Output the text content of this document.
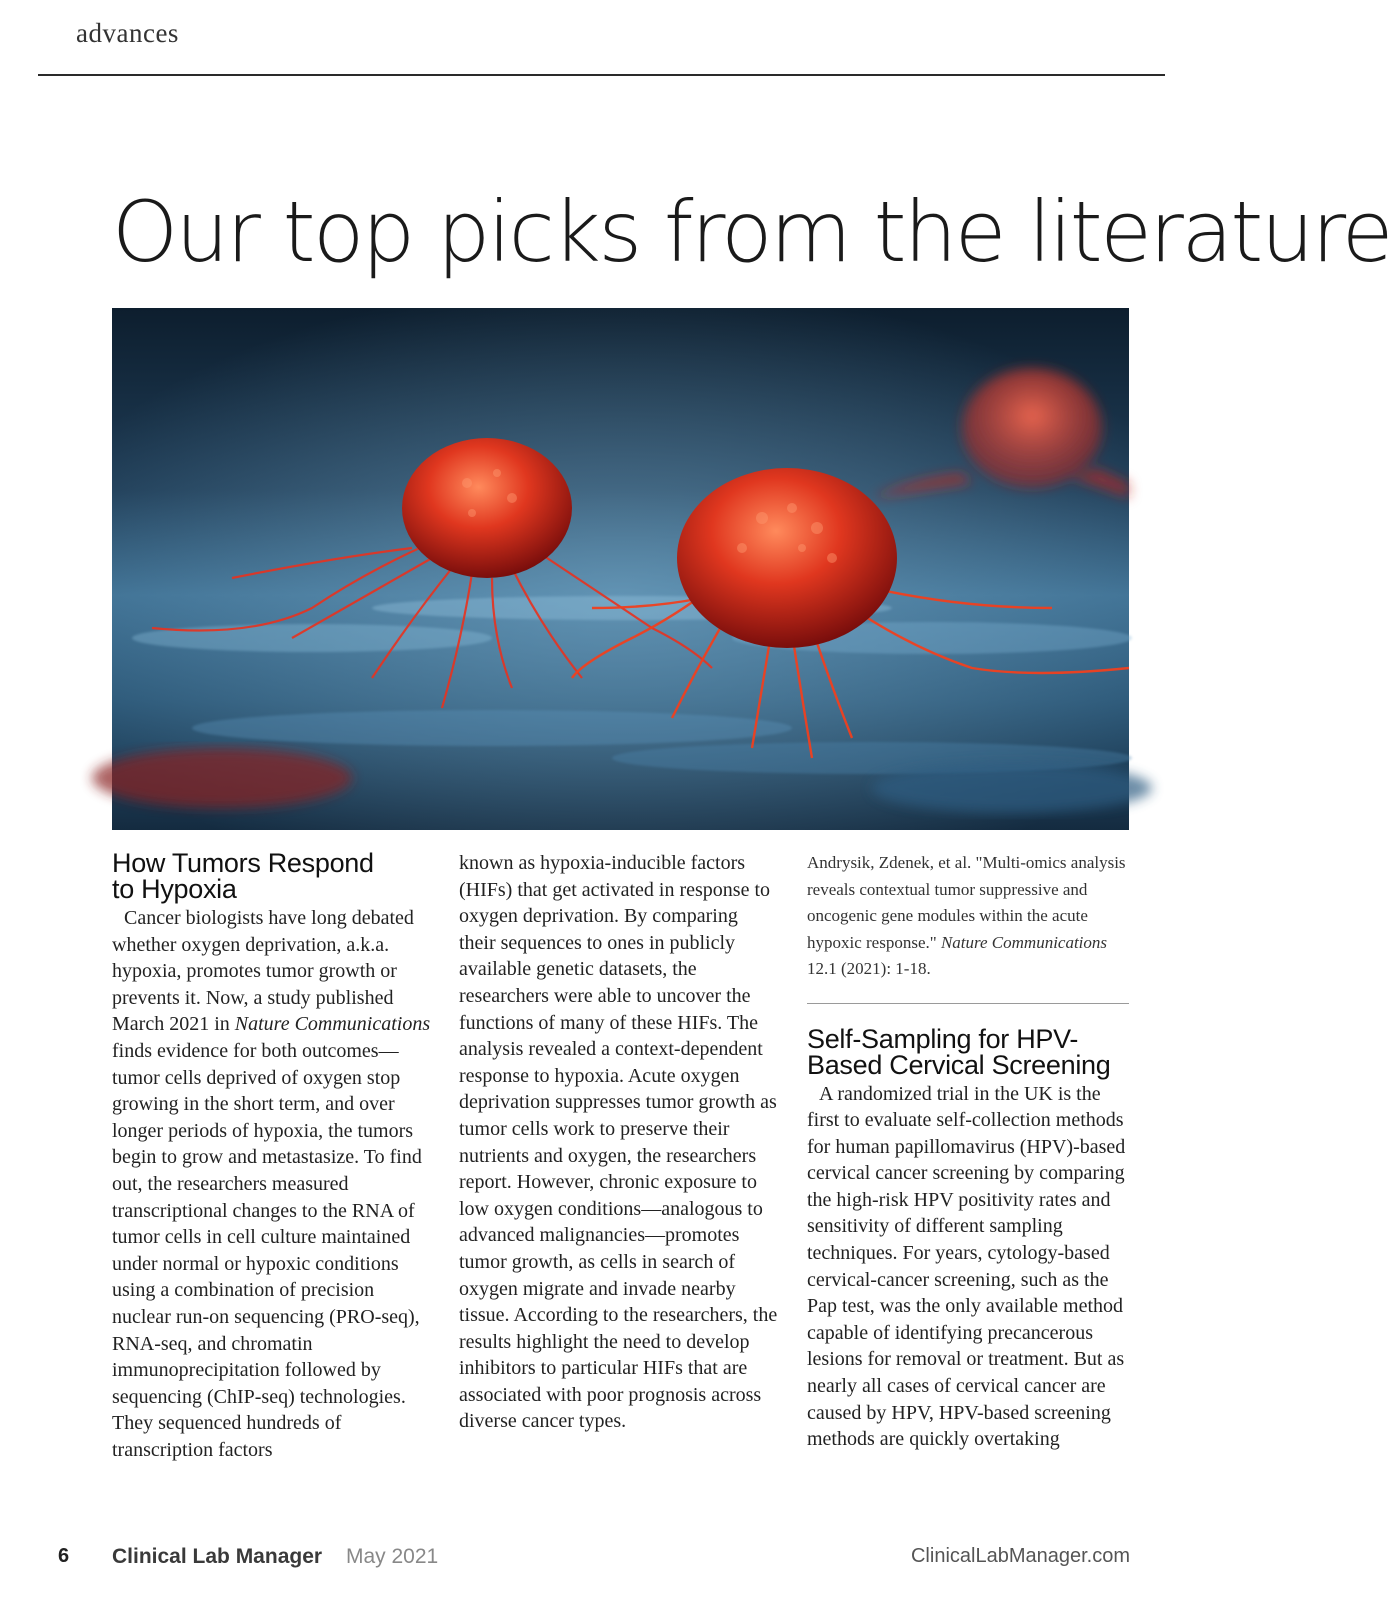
advances
Our top picks from the literature
How Tumors Respond
to Hypoxia

Cancer biologists have long debated whether oxygen deprivation, a.k.a. hypoxia, promotes tumor growth or prevents it. Now, a study published March 2021 in Nature Communications finds evidence for both outcomes—tumor cells deprived of oxygen stop growing in the short term, and over longer periods of hypoxia, the tumors begin to grow and metastasize. To find out, the researchers measured transcriptional changes to the RNA of tumor cells in cell culture maintained under normal or hypoxic conditions using a combination of precision nuclear run-on sequencing (PRO-seq), RNA-seq, and chromatin immunoprecipitation followed by sequencing (ChIP-seq) technologies. They sequenced hundreds of transcription factors

known as hypoxia-inducible factors (HIFs) that get activated in response to oxygen deprivation. By comparing their sequences to ones in publicly available genetic datasets, the researchers were able to uncover the functions of many of these HIFs. The analysis revealed a context-dependent response to hypoxia. Acute oxygen deprivation suppresses tumor growth as tumor cells work to preserve their nutrients and oxygen, the researchers report. However, chronic exposure to low oxygen conditions—analogous to advanced malignancies—promotes tumor growth, as cells in search of oxygen migrate and invade nearby tissue. According to the researchers, the results highlight the need to develop inhibitors to particular HIFs that are associated with poor prognosis across diverse cancer types.

Andrysik, Zdenek, et al. "Multi-omics analysis reveals contextual tumor suppressive and oncogenic gene modules within the acute hypoxic response." Nature Communications 12.1 (2021): 1-18.

Self-Sampling for HPV-
Based Cervical Screening

A randomized trial in the UK is the first to evaluate self-collection methods for human papillomavirus (HPV)-based cervical cancer screening by comparing the high-risk HPV positivity rates and sensitivity of different sampling techniques. For years, cytology-based cervical-cancer screening, such as the Pap test, was the only available method capable of identifying precancerous lesions for removal or treatment. But as nearly all cases of cervical cancer are caused by HPV, HPV-based screening methods are quickly overtaking

6 Clinical Lab Manager May 2021	ClinicalLabManager.com
